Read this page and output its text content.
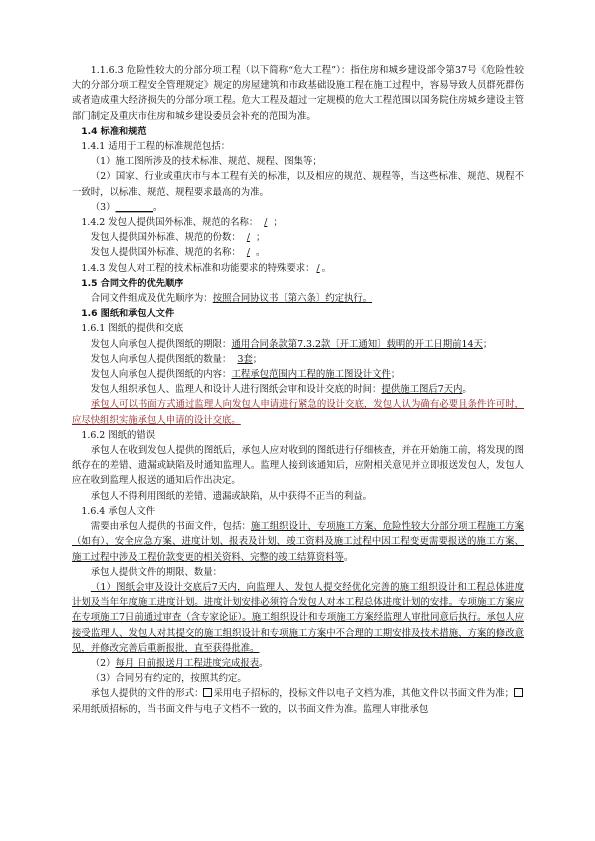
1.1.6.3 危险性较大的分部分项工程（以下简称“危大工程”）：指住房和城乡建设部令第37号《危险性较大的分部分项工程安全管理规定》规定的房屋建筑和市政基础设施工程在施工过程中，容易导致人员群死群伤或者造成重大经济损失的分部分项工程。危大工程及超过一定规模的危大工程范围以国务院住房城乡建设主管部门制定及重庆市住房和城乡建设委员会补充的范围为准。

1.4 标准和规范

1.4.1 适用于工程的标准规范包括：

（1）施工图所涉及的技术标准、规范、规程、图集等；

（2）国家、行业或重庆市与本工程有关的标准，以及相应的规范、规程等，当这些标准、规范、规程不一致时，以标准、规范、规程要求最高的为准。

（3）________。

1.4.2 发包人提供国外标准、规范的名称： / ；

发包人提供国外标准、规范的份数： / ；

发包人提供国外标准、规范的名称： / 。

1.4.3 发包人对工程的技术标准和功能要求的特殊要求： / 。

1.5 合同文件的优先顺序

合同文件组成及优先顺序为：按照合同协议书〔第六条〕约定执行。

1.6 图纸和承包人文件

1.6.1 图纸的提供和交底

发包人向承包人提供图纸的期限：通用合同条款第7.3.2款〔开工通知〕载明的开工日期前14天；

发包人向承包人提供图纸的数量： 3套；

发包人向承包人提供图纸的内容：工程承包范围内工程的施工图设计文件；

发包人组织承包人、监理人和设计人进行图纸会审和设计交底的时间：提供施工图后7天内。

承包人可以书面方式通过监理人向发包人申请进行紧急的设计交底，发包人认为确有必要且条件许可时，应尽快组织实施承包人申请的设计交底。

1.6.2 图纸的错误

承包人在收到发包人提供的图纸后，承包人应对收到的图纸进行仔细核查，并在开始施工前，将发现的图纸存在的差错、遗漏或缺陷及时通知监理人。监理人接到该通知后，应附相关意见并立即报送发包人，发包人应在收到监理人报送的通知后作出决定。

承包人不得利用图纸的差错、遗漏或缺陷，从中获得不正当的利益。

1.6.4 承包人文件

需要由承包人提供的书面文件，包括：施工组织设计、专项施工方案、危险性较大分部分项工程施工方案（如有）、安全应急方案、进度计划、报表及计划、竣工资料及施工过程中因工程变更需要报送的施工方案、施工过程中涉及工程价款变更的相关资料、完整的竣工结算资料等。

承包人提供文件的期限、数量：

（1）图纸会审及设计交底后7天内，向监理人、发包人提交经优化完善的施工组织设计和工程总体进度计划及当年年度施工进度计划。进度计划安排必须符合发包人对本工程总体进度计划的安排。专项施工方案应在专项施工7日前通过审查（含专家论证）。施工组织设计和专项施工方案经监理人审批同意后执行。承包人应接受监理人、发包人对其提交的施工组织设计和专项施工方案中不合理的工期安排及技术措施、方案的修改意见，并修改完善后重新报批，直至获得批准。

（2）每月 日前报送月工程进度完成报表。

（3）合同另有约定的，按照其约定。

承包人提供的文件的形式： 采用电子招标的，投标文件以电子文档为准，其他文件以书面文件为准； 采用纸质招标的，当书面文件与电子文档不一致的，以书面文件为准。监理人审批承包
